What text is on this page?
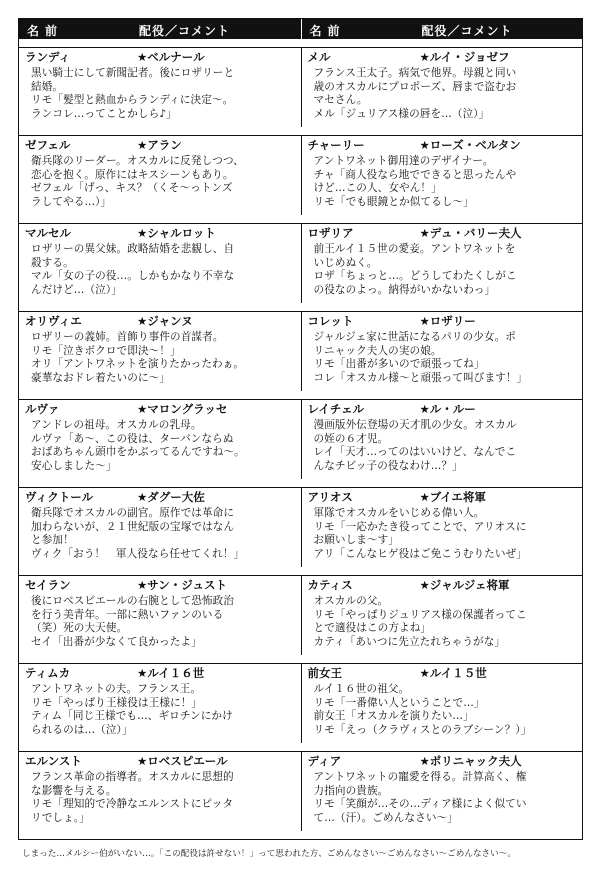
名前	配役／コメント	名前	配役／コメント
ランディ	★ベルナール
黒い騎士にして新聞記者。後にロザリーと
結婚。
リモ「髪型と熱血からランディに決定〜。
ランコレ…ってことかしら♪」
メル	★ルイ・ジョゼフ
フランス王太子。病気で他界。母親と同い
歳のオスカルにプロポーズ、唇まで盗むお
マセさん。
メル「ジュリアス様の唇を…（泣）」
ゼフェル	★アラン
衛兵隊のリーダー。オスカルに反発しつつ、
恋心を抱く。原作にはキスシーンもあり。
ゼフェル「げっ、キス？（くそ〜っトンズ
ラしてやる…）」
チャーリー	★ローズ・ベルタン
アントワネット御用達のデザイナー。
チャ「商人役なら地でできると思ったんや
けど…この人、女やん！」
リモ「でも眼鏡とか似てるし〜」
マルセル	★シャルロット
ロザリーの異父妹。政略結婚を悲観し、自
殺する。
マル「女の子の役…。しかもかなり不幸な
んだけど…（泣）」
ロザリア	★デュ・バリー夫人
前王ルイ１５世の愛妾。アントワネットを
いじめぬく。
ロザ「ちょっと…。どうしてわたくしがこ
の役なのよっ。納得がいかないわっ」
オリヴィエ	★ジャンヌ
ロザリーの義姉。首飾り事件の首謀者。
リモ「泣きボクロで即決〜！」
オリ「アントワネットを演りたかったわぁ。
豪華なおドレ着たいのに〜」
コレット	★ロザリー
ジャルジェ家に世話になるパリの少女。ポ
リニャック夫人の実の娘。
リモ「出番が多いので頑張ってね」
コレ「オスカル様〜と頑張って叫びます！」
ルヴァ	★マロングラッセ
アンドレの祖母。オスカルの乳母。
ルヴァ「あ〜、この役は、ターバンならぬ
おばあちゃん頭巾をかぶってるんですね〜。
安心しました〜」
レイチェル	★ル・ルー
漫画版外伝登場の天才肌の少女。オスカル
の姪の６才児。
レイ「天才…ってのはいいけど、なんでこ
んなチビッ子の役なわけ…？」
ヴィクトール	★ダグー大佐
衛兵隊でオスカルの副官。原作では革命に
加わらないが、２１世紀版の宝塚ではなん
と参加！
ヴィク「おう！　軍人役なら任せてくれ！」
アリオス	★ブイエ将軍
軍隊でオスカルをいじめる偉い人。
リモ「一応かたき役ってことで、アリオスに
お願いしま〜す」
アリ「こんなヒゲ役はご免こうむりたいぜ」
セイラン	★サン・ジュスト
後にロベスピエールの右腕として恐怖政治
を行う美青年。一部に熱いファンのいる
（笑）死の大天使。
セイ「出番が少なくて良かったよ」
カティス	★ジャルジェ将軍
オスカルの父。
リモ「やっぱりジュリアス様の保護者ってこ
とで適役はこの方よね」
カティ「あいつに先立たれちゃうがな」
ティムカ	★ルイ１６世
アントワネットの夫。フランス王。
リモ「やっぱり王様役は王様に！」
ティム「同じ王様でも…、ギロチンにかけ
られるのは…（泣）」
前女王	★ルイ１５世
ルイ１６世の祖父。
リモ「一番偉い人ということで…」
前女王「オスカルを演りたい…」
リモ「えっ（クラヴィスとのラブシーン？）」
エルンスト	★ロベスピエール
フランス革命の指導者。オスカルに思想的
な影響を与える。
リモ「理知的で冷静なエルンストにピッタ
リでしょ。」
ディア	★ポリニャック夫人
アントワネットの寵愛を得る。計算高く、権
力指向の貴族。
リモ「笑顔が…その…ディア様によく似てい
て…（汗）。ごめんなさい〜」
しまった…メルシー伯がいない…。「この配役は許せない！」って思われた方、ごめんなさい〜ごめんなさい〜ごめんなさい〜。
